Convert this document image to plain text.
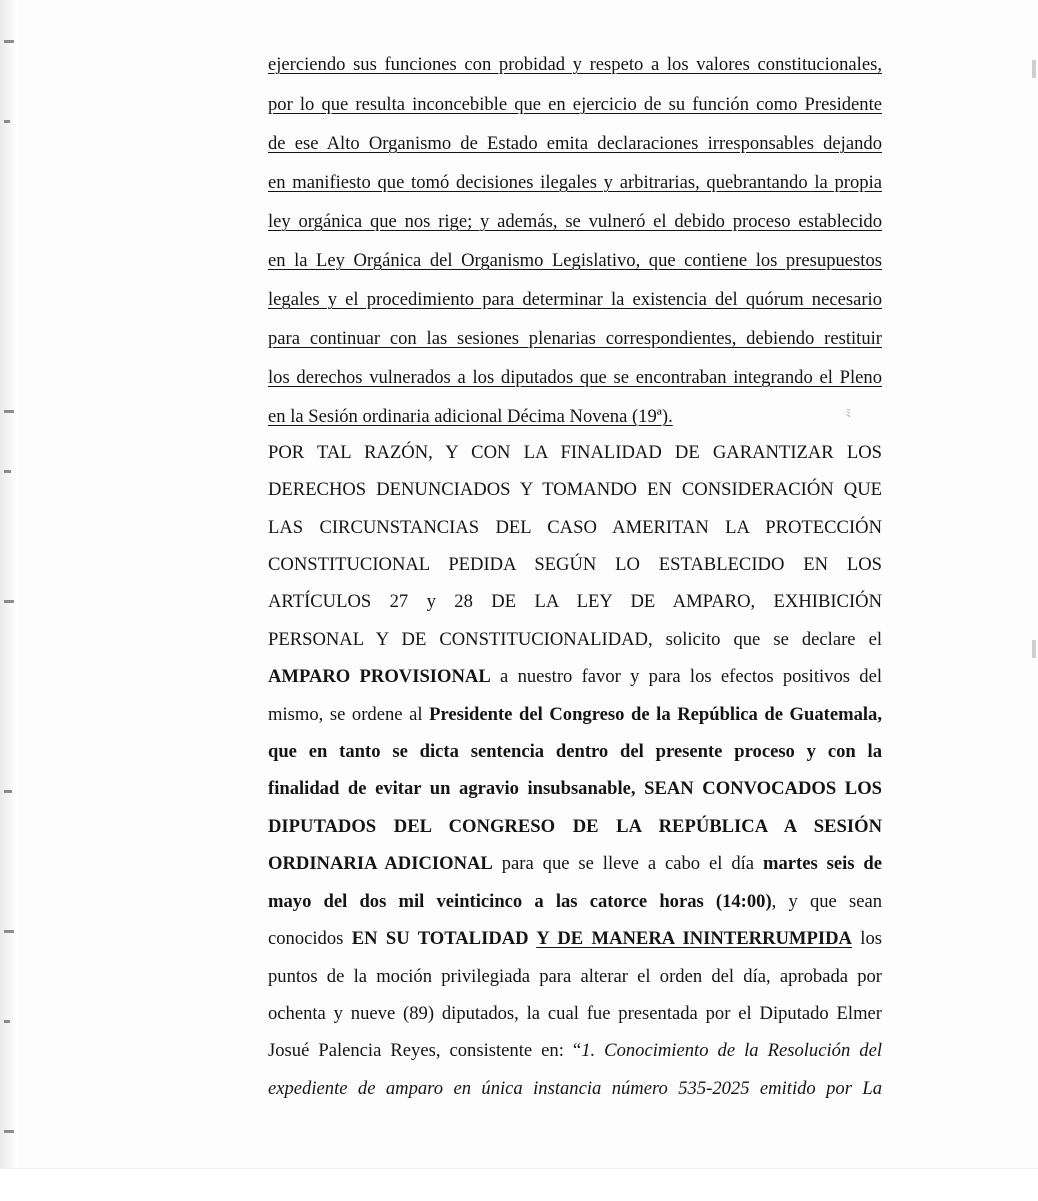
ﾐ
ejerciendo sus funciones con probidad y respeto a los valores constitucionales,
por lo que resulta inconcebible que en ejercicio de su función como Presidente
de ese Alto Organismo de Estado emita declaraciones irresponsables dejando
en manifiesto que tomó decisiones ilegales y arbitrarias, quebrantando la propia
ley orgánica que nos rige; y además, se vulneró el debido proceso establecido
en la Ley Orgánica del Organismo Legislativo, que contiene los presupuestos
legales y el procedimiento para determinar la existencia del quórum necesario
para continuar con las sesiones plenarias correspondientes, debiendo restituir
los derechos vulnerados a los diputados que se encontraban integrando el Pleno
en la Sesión ordinaria adicional Décima Novena (19ª).
POR TAL RAZÓN, Y CON LA FINALIDAD DE GARANTIZAR LOS
DERECHOS DENUNCIADOS Y TOMANDO EN CONSIDERACIÓN QUE
LAS CIRCUNSTANCIAS DEL CASO AMERITAN LA PROTECCIÓN
CONSTITUCIONAL PEDIDA SEGÚN LO ESTABLECIDO EN LOS
ARTÍCULOS 27 y 28 DE LA LEY DE AMPARO, EXHIBICIÓN
PERSONAL Y DE CONSTITUCIONALIDAD, solicito que se declare el
AMPARO PROVISIONAL a nuestro favor y para los efectos positivos del
mismo, se ordene al Presidente del Congreso de la República de Guatemala,
que en tanto se dicta sentencia dentro del presente proceso y con la
finalidad de evitar un agravio insubsanable, SEAN CONVOCADOS LOS
DIPUTADOS DEL CONGRESO DE LA REPÚBLICA A SESIÓN
ORDINARIA ADICIONAL para que se lleve a cabo el día martes seis de
mayo del dos mil veinticinco a las catorce horas (14:00), y que sean
conocidos EN SU TOTALIDAD Y DE MANERA ININTERRUMPIDA los
puntos de la moción privilegiada para alterar el orden del día, aprobada por
ochenta y nueve (89) diputados, la cual fue presentada por el Diputado Elmer
Josué Palencia Reyes, consistente en: “1. Conocimiento de la Resolución del
expediente de amparo en única instancia número 535-2025 emitido por La
